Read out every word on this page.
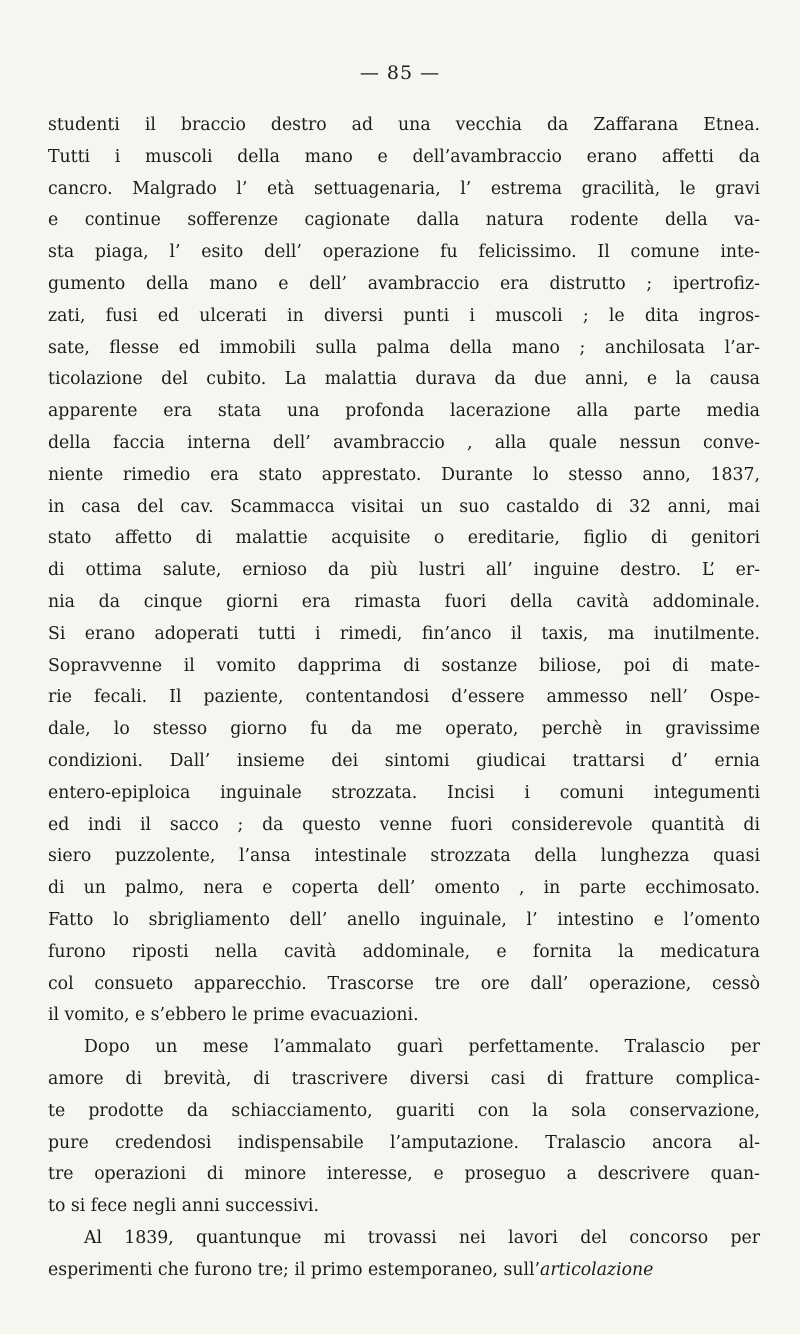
— 85 —
studenti il braccio destro ad una vecchia da Zaffarana Etnea.
Tutti i muscoli della mano e dell’avambraccio erano affetti da
cancro. Malgrado l’ età settuagenaria, l’ estrema gracilità, le gravi
e continue sofferenze cagionate dalla natura rodente della va-
sta piaga, l’ esito dell’ operazione fu felicissimo. Il comune inte-
gumento della mano e dell’ avambraccio era distrutto ; ipertrofiz-
zati, fusi ed ulcerati in diversi punti i muscoli ; le dita ingros-
sate, flesse ed immobili sulla palma della mano ; anchilosata l’ar-
ticolazione del cubito. La malattia durava da due anni, e la causa
apparente era stata una profonda lacerazione alla parte media
della faccia interna dell’ avambraccio , alla quale nessun conve-
niente rimedio era stato apprestato. Durante lo stesso anno, 1837,
in casa del cav. Scammacca visitai un suo castaldo di 32 anni, mai
stato affetto di malattie acquisite o ereditarie, figlio di genitori
di ottima salute, ernioso da più lustri all’ inguine destro. L’ er-
nia da cinque giorni era rimasta fuori della cavità addominale.
Si erano adoperati tutti i rimedi, fin’anco il taxis, ma inutilmente.
Sopravvenne il vomito dapprima di sostanze biliose, poi di mate-
rie fecali. Il paziente, contentandosi d’essere ammesso nell’ Ospe-
dale, lo stesso giorno fu da me operato, perchè in gravissime
condizioni. Dall’ insieme dei sintomi giudicai trattarsi d’ ernia
entero-epiploica inguinale strozzata. Incisi i comuni integumenti
ed indi il sacco ; da questo venne fuori considerevole quantità di
siero puzzolente, l’ansa intestinale strozzata della lunghezza quasi
di un palmo, nera e coperta dell’ omento , in parte ecchimosato.
Fatto lo sbrigliamento dell’ anello inguinale, l’ intestino e l’omento
furono riposti nella cavità addominale, e fornita la medicatura
col consueto apparecchio. Trascorse tre ore dall’ operazione, cessò
il vomito, e s’ebbero le prime evacuazioni.
Dopo un mese l’ammalato guarì perfettamente. Tralascio per
amore di brevità, di trascrivere diversi casi di fratture complica-
te prodotte da schiacciamento, guariti con la sola conservazione,
pure credendosi indispensabile l’amputazione. Tralascio ancora al-
tre operazioni di minore interesse, e proseguo a descrivere quan-
to si fece negli anni successivi.
Al 1839, quantunque mi trovassi nei lavori del concorso per
esperimenti che furono tre; il primo estemporaneo, sull’articolazione
